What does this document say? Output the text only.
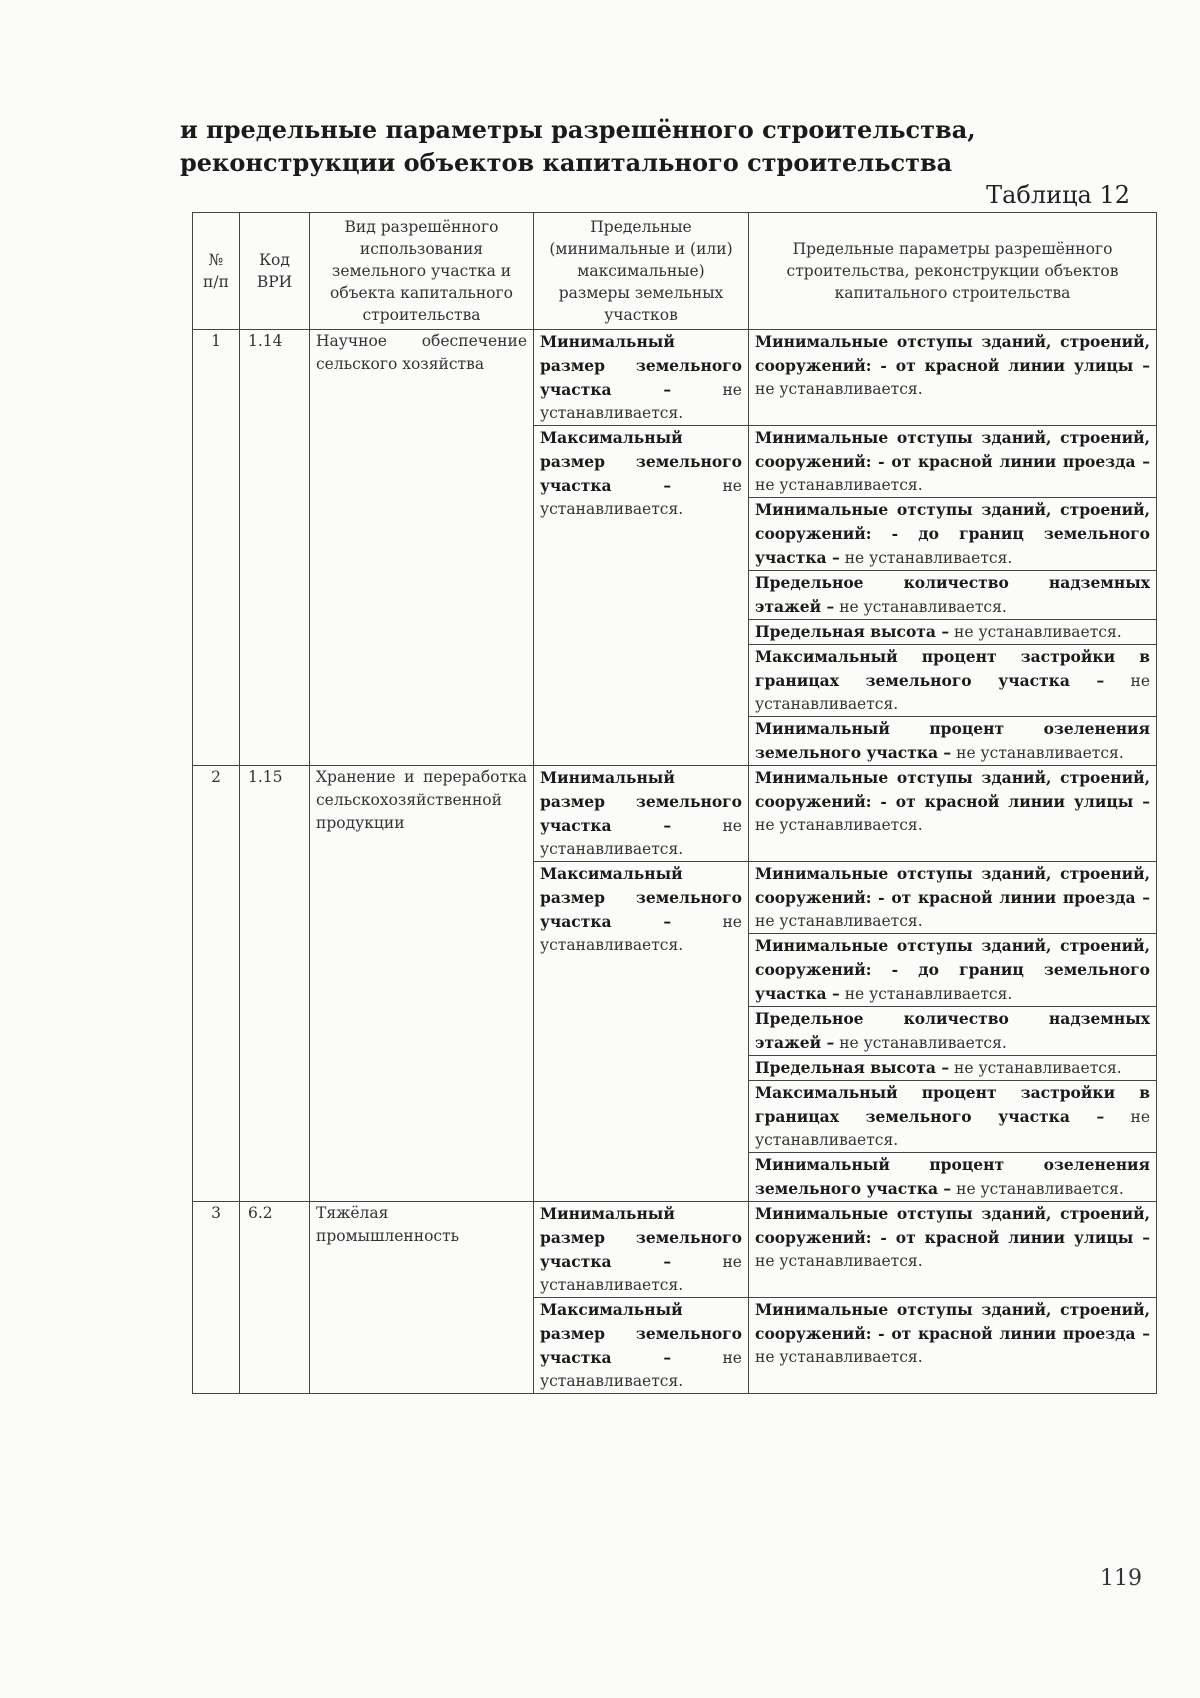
и предельные параметры разрешённого строительства, реконструкции объектов капитального строительства
Таблица 12
№ п/п	Код ВРИ	Вид разрешённого использования земельного участка и объекта капитального строительства	Предельные (минимальные и (или) максимальные) размеры земельных участков	Предельные параметры разрешённого строительства, реконструкции объектов капитального строительства
1	1.14	Научное обеспечение сельского хозяйства	Минимальный размер земельного участка – не устанавливается.	Минимальные отступы зданий, строений, сооружений: - от красной линии улицы – не устанавливается.
			Максимальный размер земельного участка – не устанавливается.	Минимальные отступы зданий, строений, сооружений: - от красной линии проезда – не устанавливается.
				Минимальные отступы зданий, строений, сооружений: - до границ земельного участка – не устанавливается.
				Предельное количество надземных этажей – не устанавливается.
				Предельная высота – не устанавливается.
				Максимальный процент застройки в границах земельного участка – не устанавливается.
				Минимальный процент озеленения земельного участка – не устанавливается.
2	1.15	Хранение и переработка сельскохозяйственной продукции	Минимальный размер земельного участка – не устанавливается.	Минимальные отступы зданий, строений, сооружений: - от красной линии улицы – не устанавливается.
			Максимальный размер земельного участка – не устанавливается.	Минимальные отступы зданий, строений, сооружений: - от красной линии проезда – не устанавливается.
				Минимальные отступы зданий, строений, сооружений: - до границ земельного участка – не устанавливается.
				Предельное количество надземных этажей – не устанавливается.
				Предельная высота – не устанавливается.
				Максимальный процент застройки в границах земельного участка – не устанавливается.
				Минимальный процент озеленения земельного участка – не устанавливается.
3	6.2	Тяжёлая промышленность	Минимальный размер земельного участка – не устанавливается.	Минимальные отступы зданий, строений, сооружений: - от красной линии улицы – не устанавливается.
			Максимальный размер земельного участка – не устанавливается.	Минимальные отступы зданий, строений, сооружений: - от красной линии проезда – не устанавливается.
119
